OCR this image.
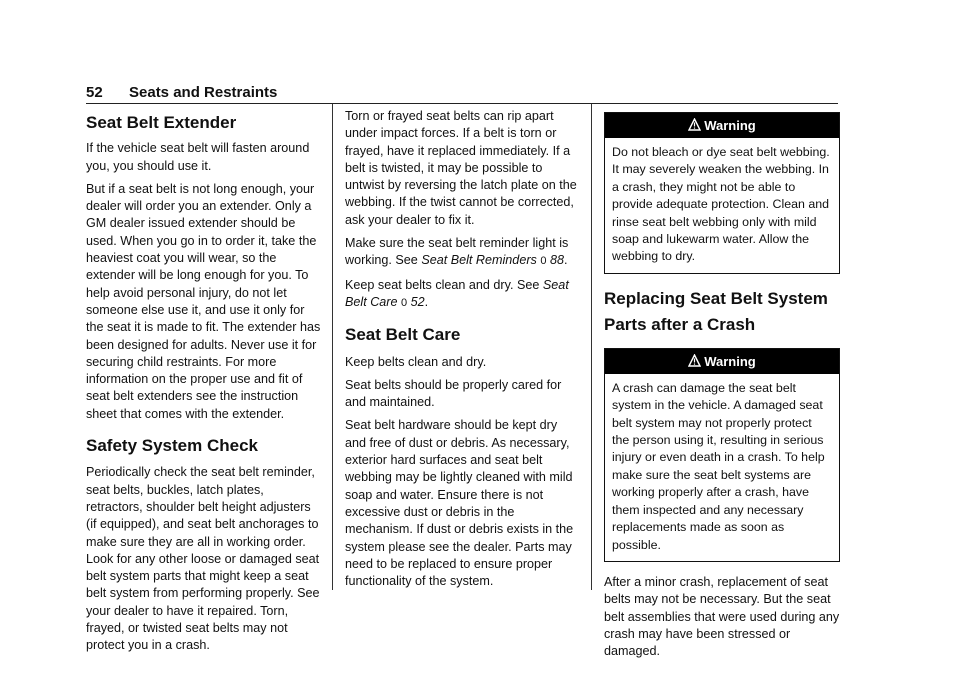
52 Seats and Restraints
Seat Belt Extender

If the vehicle seat belt will fasten around you, you should use it.

But if a seat belt is not long enough, your dealer will order you an extender. Only a GM dealer issued extender should be used. When you go in to order it, take the heaviest coat you will wear, so the extender will be long enough for you. To help avoid personal injury, do not let someone else use it, and use it only for the seat it is made to fit. The extender has been designed for adults. Never use it for securing child restraints. For more information on the proper use and fit of seat belt extenders see the instruction sheet that comes with the extender.

Safety System Check

Periodically check the seat belt reminder, seat belts, buckles, latch plates, retractors, shoulder belt height adjusters (if equipped), and seat belt anchorages to make sure they are all in working order. Look for any other loose or damaged seat belt system parts that might keep a seat belt system from performing properly. See your dealer to have it repaired. Torn, frayed, or twisted seat belts may not protect you in a crash.

Torn or frayed seat belts can rip apart under impact forces. If a belt is torn or frayed, have it replaced immediately. If a belt is twisted, it may be possible to untwist by reversing the latch plate on the webbing. If the twist cannot be corrected, ask your dealer to fix it.

Make sure the seat belt reminder light is working. See Seat Belt Reminders 0 88.

Keep seat belts clean and dry. See Seat Belt Care 0 52.

Seat Belt Care

Keep belts clean and dry.

Seat belts should be properly cared for and maintained.

Seat belt hardware should be kept dry and free of dust or debris. As necessary, exterior hard surfaces and seat belt webbing may be lightly cleaned with mild soap and water. Ensure there is not excessive dust or debris in the mechanism. If dust or debris exists in the system please see the dealer. Parts may need to be replaced to ensure proper functionality of the system.

Warning
Do not bleach or dye seat belt webbing. It may severely weaken the webbing. In a crash, they might not be able to provide adequate protection. Clean and rinse seat belt webbing only with mild soap and lukewarm water. Allow the webbing to dry.
Replacing Seat Belt System Parts after a Crash
Warning
A crash can damage the seat belt system in the vehicle. A damaged seat belt system may not properly protect the person using it, resulting in serious injury or even death in a crash. To help make sure the seat belt systems are working properly after a crash, have them inspected and any necessary replacements made as soon as possible.

After a minor crash, replacement of seat belts may not be necessary. But the seat belt assemblies that were used during any crash may have been stressed or damaged.
